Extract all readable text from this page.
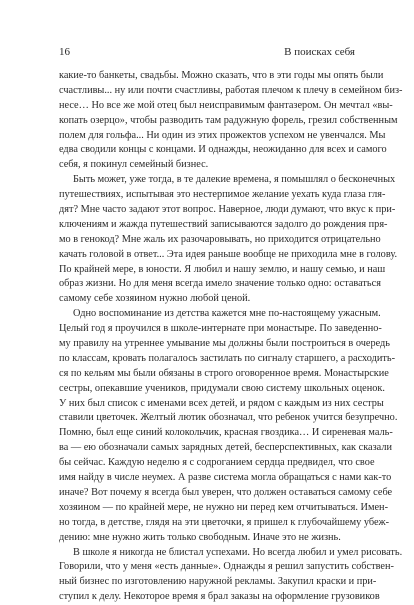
16	В поисках себя
какие-то банкеты, свадьбы. Можно сказать, что в эти годы мы опять были
счастливы... ну или почти счастливы, работая плечом к плечу в семейном биз-
несе… Но все же мой отец был неисправимым фантазером. Он мечтал «вы-
копать озерцо», чтобы разводить там радужную форель, грезил собственным
полем для гольфа... Ни один из этих прожектов успехом не увенчался. Мы
едва сводили концы с концами. И однажды, неожиданно для всех и самого
себя, я покинул семейный бизнес.
Быть может, уже тогда, в те далекие времена, я помышлял о бесконечных
путешествиях, испытывая это нестерпимое желание уехать куда глаза гля-
дят? Мне часто задают этот вопрос. Наверное, люди думают, что вкус к при-
ключениям и жажда путешествий записываются задолго до рождения пря-
мо в генокод? Мне жаль их разочаровывать, но приходится отрицательно
качать головой в ответ... Эта идея раньше вообще не приходила мне в голову.
По крайней мере, в юности. Я любил и нашу землю, и нашу семью, и наш
образ жизни. Но для меня всегда имело значение только одно: оставаться
самому себе хозяином нужно любой ценой.
Одно воспоминание из детства кажется мне по-настоящему ужасным.
Целый год я проучился в школе-интернате при монастыре. По заведенно-
му правилу на утреннее умывание мы должны были построиться в очередь
по классам, кровать полагалось застилать по сигналу старшего, а расходить-
ся по кельям мы были обязаны в строго оговоренное время. Монастырские
сестры, опекавшие учеников, придумали свою систему школьных оценок.
У них был список с именами всех детей, и рядом с каждым из них сестры
ставили цветочек. Желтый лютик обозначал, что ребенок учится безупречно.
Помню, был еще синий колокольчик, красная гвоздика… И сиреневая маль-
ва — ею обозначали самых зарядных детей, бесперспективных, как сказали
бы сейчас. Каждую неделю я с содроганием сердца предвидел, что свое
имя найду в числе неумех. А разве система могла обращаться с нами как-то
иначе? Вот почему я всегда был уверен, что должен оставаться самому себе
хозяином — по крайней мере, не нужно ни перед кем отчитываться. Имен-
но тогда, в детстве, глядя на эти цветочки, я пришел к глубочайшему убеж-
дению: мне нужно жить только свободным. Иначе это не жизнь.
В школе я никогда не блистал успехами. Но всегда любил и умел рисовать.
Говорили, что у меня «есть данные». Однажды я решил запустить собствен-
ный бизнес по изготовлению наружной рекламы. Закупил краски и при-
ступил к делу. Некоторое время я брал заказы на оформление грузовиков
